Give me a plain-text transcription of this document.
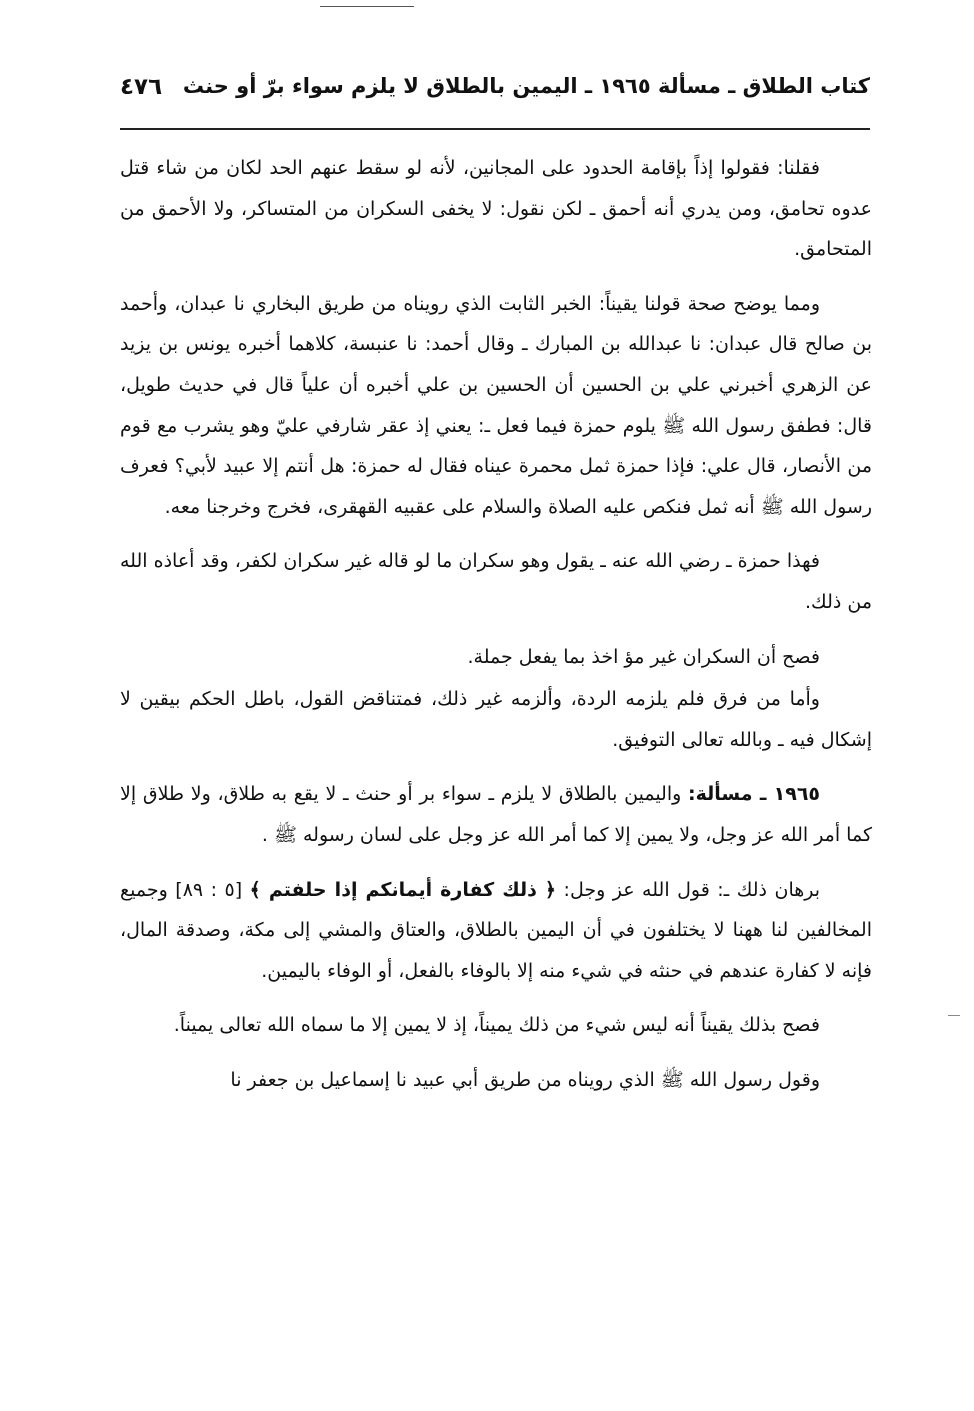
كتاب الطلاق ـ مسألة ١٩٦٥ ـ اليمين بالطلاق لا يلزم سواء برّ أو حنث
٤٧٦

فقلنا: فقولوا إذاً بإقامة الحدود على المجانين، لأنه لو سقط عنهم الحد لكان من شاء قتل عدوه تحامق، ومن يدري أنه أحمق ـ لكن نقول: لا يخفى السكران من المتساكر، ولا الأحمق من المتحامق.

ومما يوضح صحة قولنا يقيناً: الخبر الثابت الذي رويناه من طريق البخاري نا عبدان، وأحمد بن صالح قال عبدان: نا عبدالله بن المبارك ـ وقال أحمد: نا عنبسة، كلاهما أخبره يونس بن يزيد عن الزهري أخبرني علي بن الحسين أن الحسين بن علي أخبره أن علياً قال في حديث طويل، قال: فطفق رسول الله ﷺ يلوم حمزة فيما فعل ـ: يعني إذ عقر شارفي عليّ وهو يشرب مع قوم من الأنصار، قال علي: فإذا حمزة ثمل محمرة عيناه فقال له حمزة: هل أنتم إلا عبيد لأبي؟ فعرف رسول الله ﷺ أنه ثمل فنكص عليه الصلاة والسلام على عقبيه القهقرى، فخرج وخرجنا معه.

فهذا حمزة ـ رضي الله عنه ـ يقول وهو سكران ما لو قاله غير سكران لكفر، وقد أعاذه الله من ذلك.

فصح أن السكران غير مؤ اخذ بما يفعل جملة.

وأما من فرق فلم يلزمه الردة، وألزمه غير ذلك، فمتناقض القول، باطل الحكم بيقين لا إشكال فيه ـ وبالله تعالى التوفيق.

١٩٦٥ ـ مسألة: واليمين بالطلاق لا يلزم ـ سواء بر أو حنث ـ لا يقع به طلاق، ولا طلاق إلا كما أمر الله عز وجل، ولا يمين إلا كما أمر الله عز وجل على لسان رسوله ﷺ .

برهان ذلك ـ: قول الله عز وجل: ﴿ ذلك كفارة أيمانكم إذا حلفتم ﴾ [٥ : ٨٩] وجميع المخالفين لنا ههنا لا يختلفون في أن اليمين بالطلاق، والعتاق والمشي إلى مكة، وصدقة المال، فإنه لا كفارة عندهم في حنثه في شيء منه إلا بالوفاء بالفعل، أو الوفاء باليمين.

فصح بذلك يقيناً أنه ليس شيء من ذلك يميناً، إذ لا يمين إلا ما سماه الله تعالى يميناً.

وقول رسول الله ﷺ الذي رويناه من طريق أبي عبيد نا إسماعيل بن جعفر نا
